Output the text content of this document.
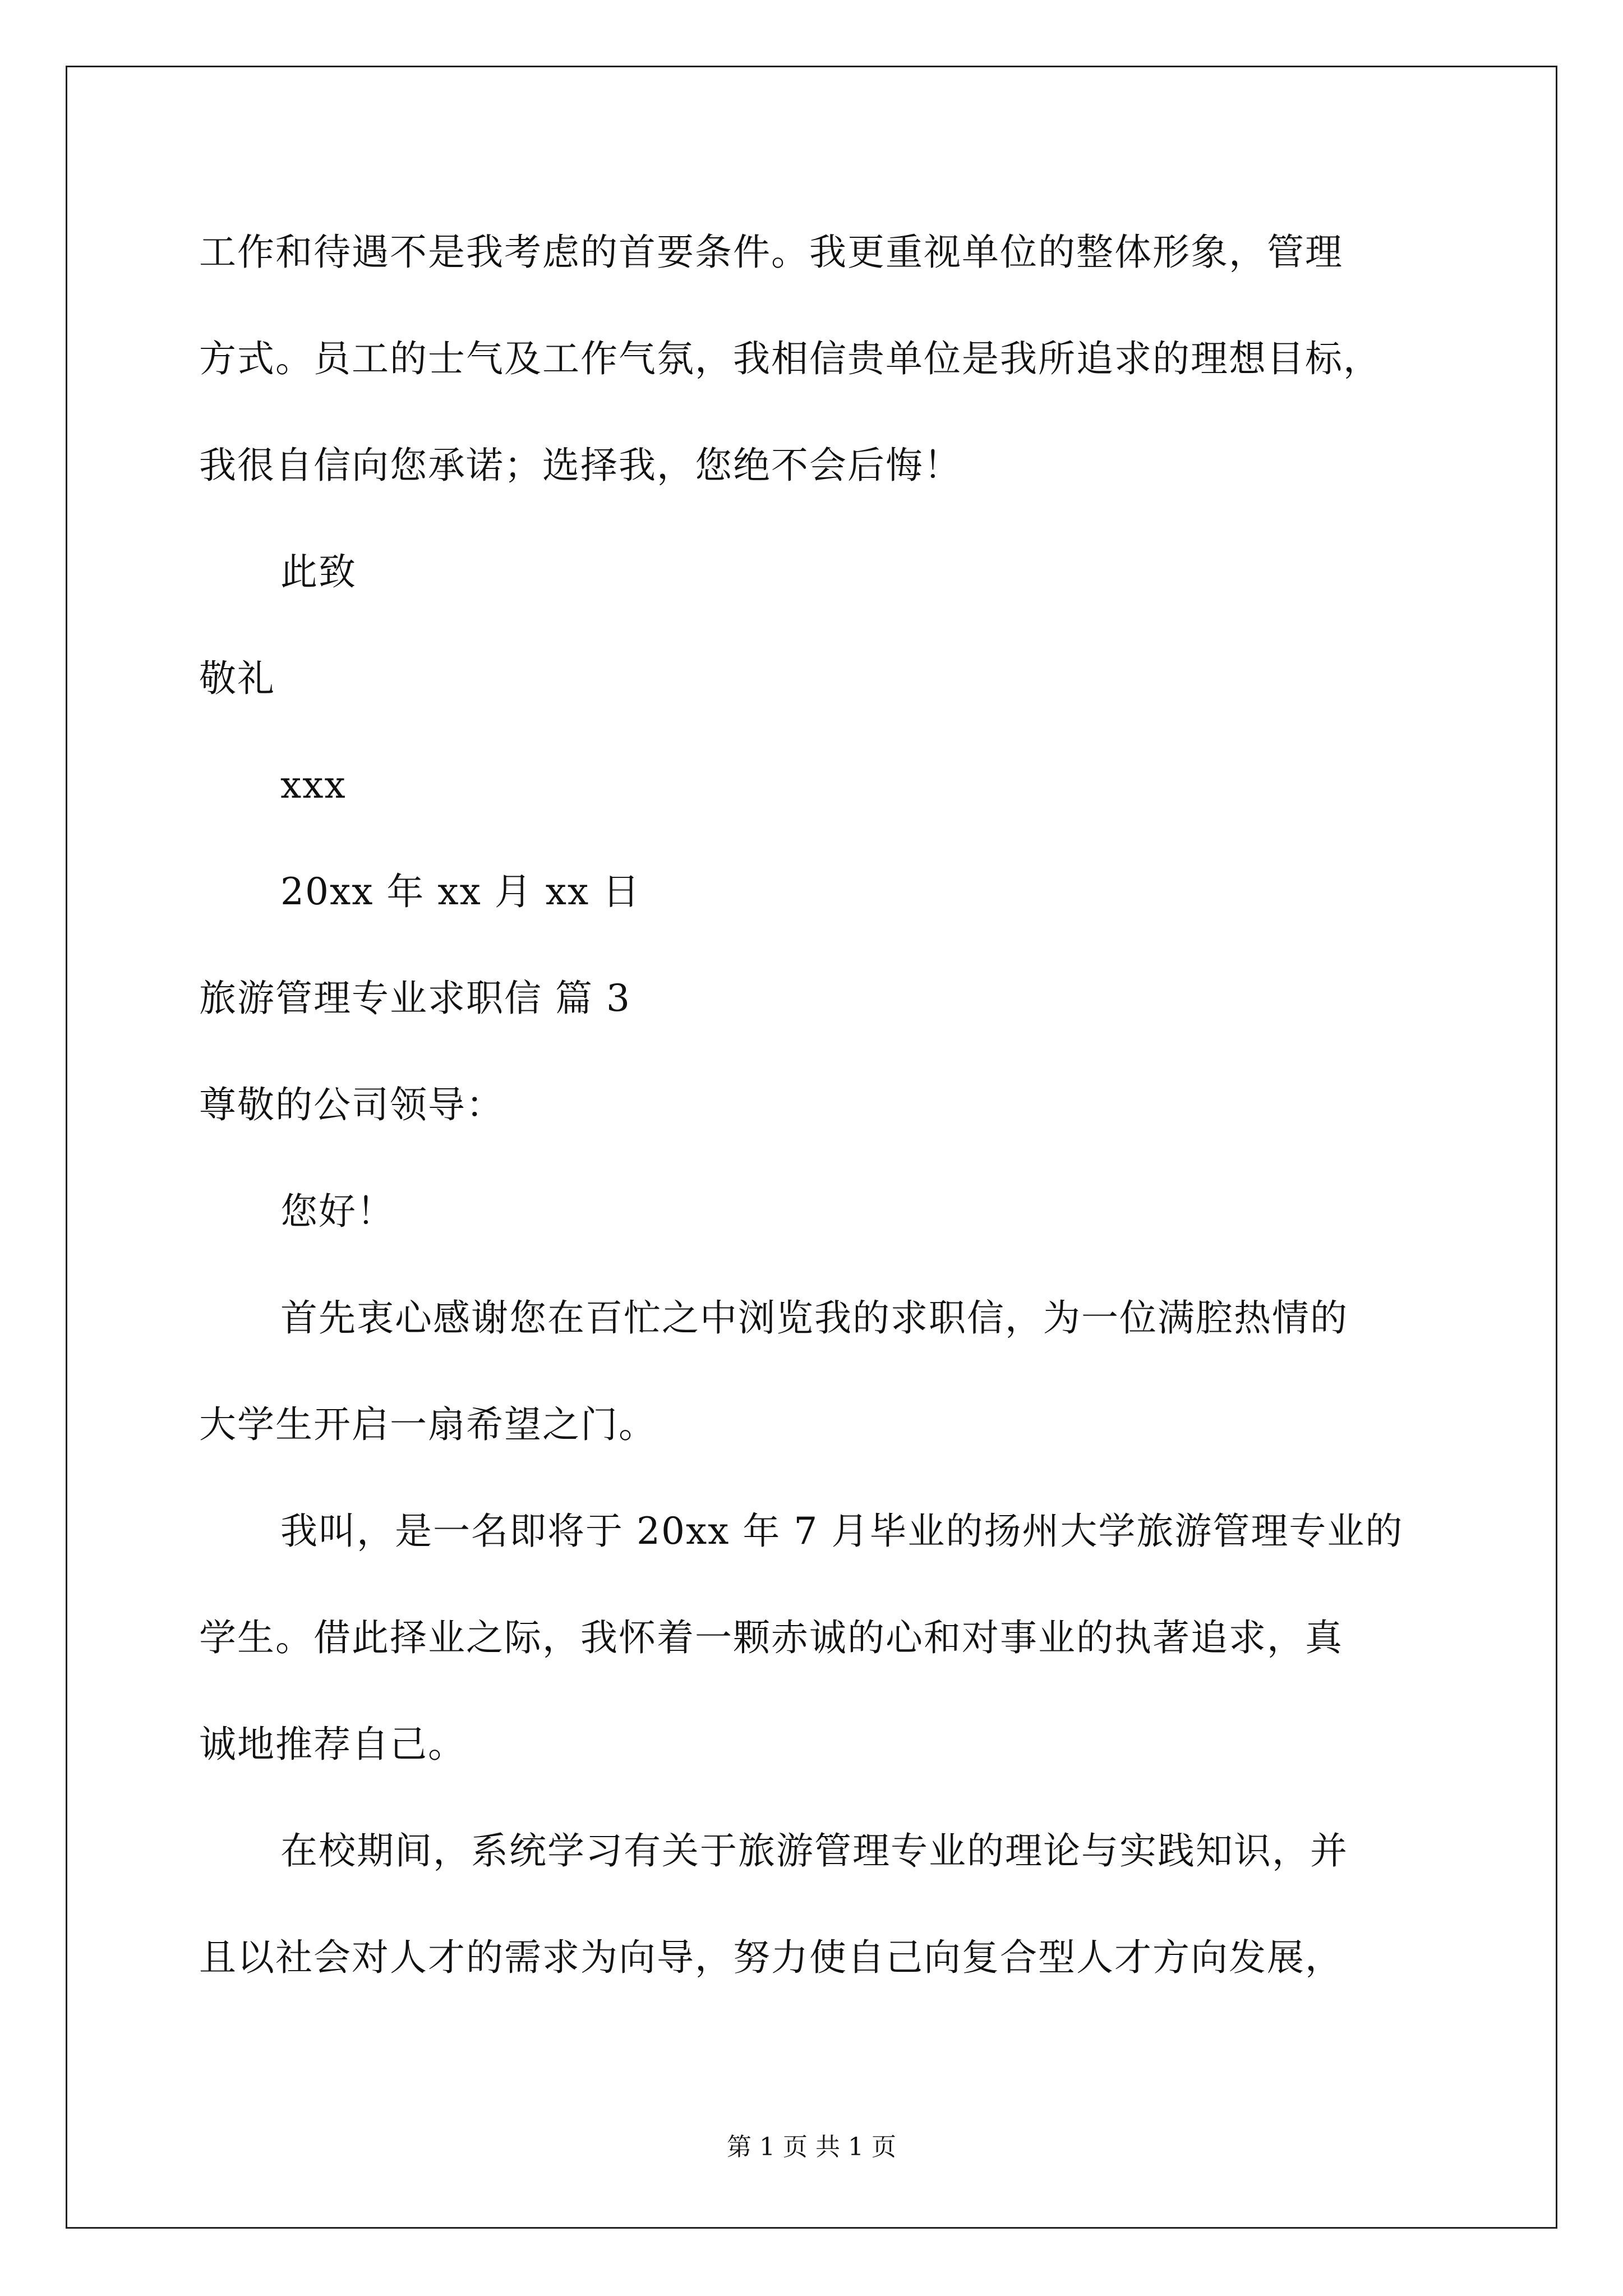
工作和待遇不是我考虑的首要条件。我更重视单位的整体形象，管理
方式。员工的士气及工作气氛，我相信贵单位是我所追求的理想目标，
我很自信向您承诺；选择我，您绝不会后悔！
此致
敬礼
xxx
20xx 年 xx 月 xx 日
旅游管理专业求职信 篇 3
尊敬的公司领导：
您好！
首先衷心感谢您在百忙之中浏览我的求职信，为一位满腔热情的
大学生开启一扇希望之门。
我叫，是一名即将于 20xx 年 7 月毕业的扬州大学旅游管理专业的
学生。借此择业之际，我怀着一颗赤诚的心和对事业的执著追求，真
诚地推荐自己。
在校期间，系统学习有关于旅游管理专业的理论与实践知识，并
且以社会对人才的需求为向导，努力使自己向复合型人才方向发展，
第 1 页 共 1 页
